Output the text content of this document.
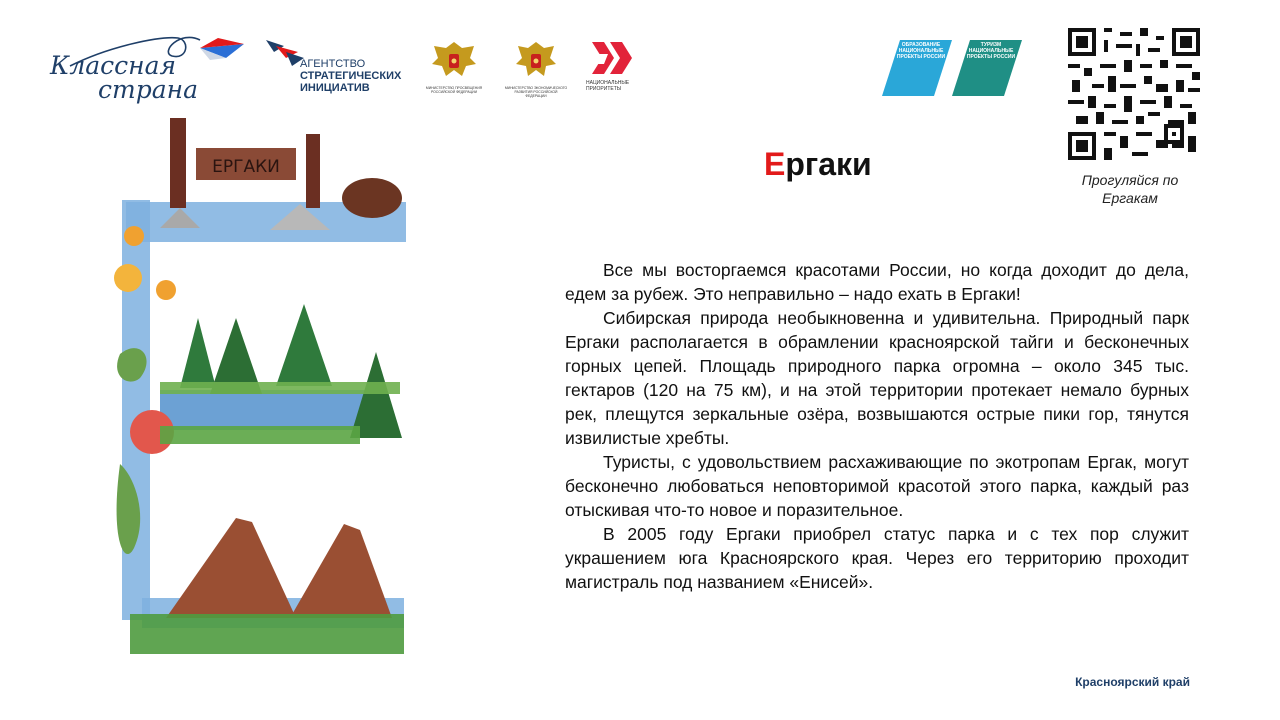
Классная
страна
АГЕНТСТВО
СТРАТЕГИЧЕСКИХ
ИНИЦИАТИВ	МИНИСТЕРСТВО ПРОСВЕЩЕНИЯ РОССИЙСКОЙ ФЕДЕРАЦИИ
МИНИСТЕРСТВО ЭКОНОМИЧЕСКОГО РАЗВИТИЯ РОССИЙСКОЙ ФЕДЕРАЦИИ
НАЦИОНАЛЬНЫЕ ПРИОРИТЕТЫ
ОБРАЗОВАНИЕ НАЦИОНАЛЬНЫЕ ПРОЕКТЫ РОССИИ
ТУРИЗМ НАЦИОНАЛЬНЫЕ ПРОЕКТЫ РОССИИ
Прогуляйся по Ергакам
Ергаки
ЕРГАКИ

Все мы восторгаемся красотами России, но когда доходит до дела, едем за рубеж. Это неправильно – надо ехать в Ергаки!

Сибирская природа необыкновенна и удивительна. Природный парк Ергаки располагается в обрамлении красноярской тайги и бесконечных горных цепей. Площадь природного парка огромна – около 345 тыс. гектаров (120 на 75 км), и на этой территории протекает немало бурных рек, плещутся зеркальные озёра, возвышаются острые пики гор, тянутся извилистые хребты.

Туристы, с удовольствием расхаживающие по экотропам Ергак, могут бесконечно любоваться неповторимой красотой этого парка, каждый раз отыскивая что-то новое и поразительное.

В 2005 году Ергаки приобрел статус парка и с тех пор служит украшением юга Красноярского края. Через его территорию проходит магистраль под названием «Енисей».

Красноярский край
